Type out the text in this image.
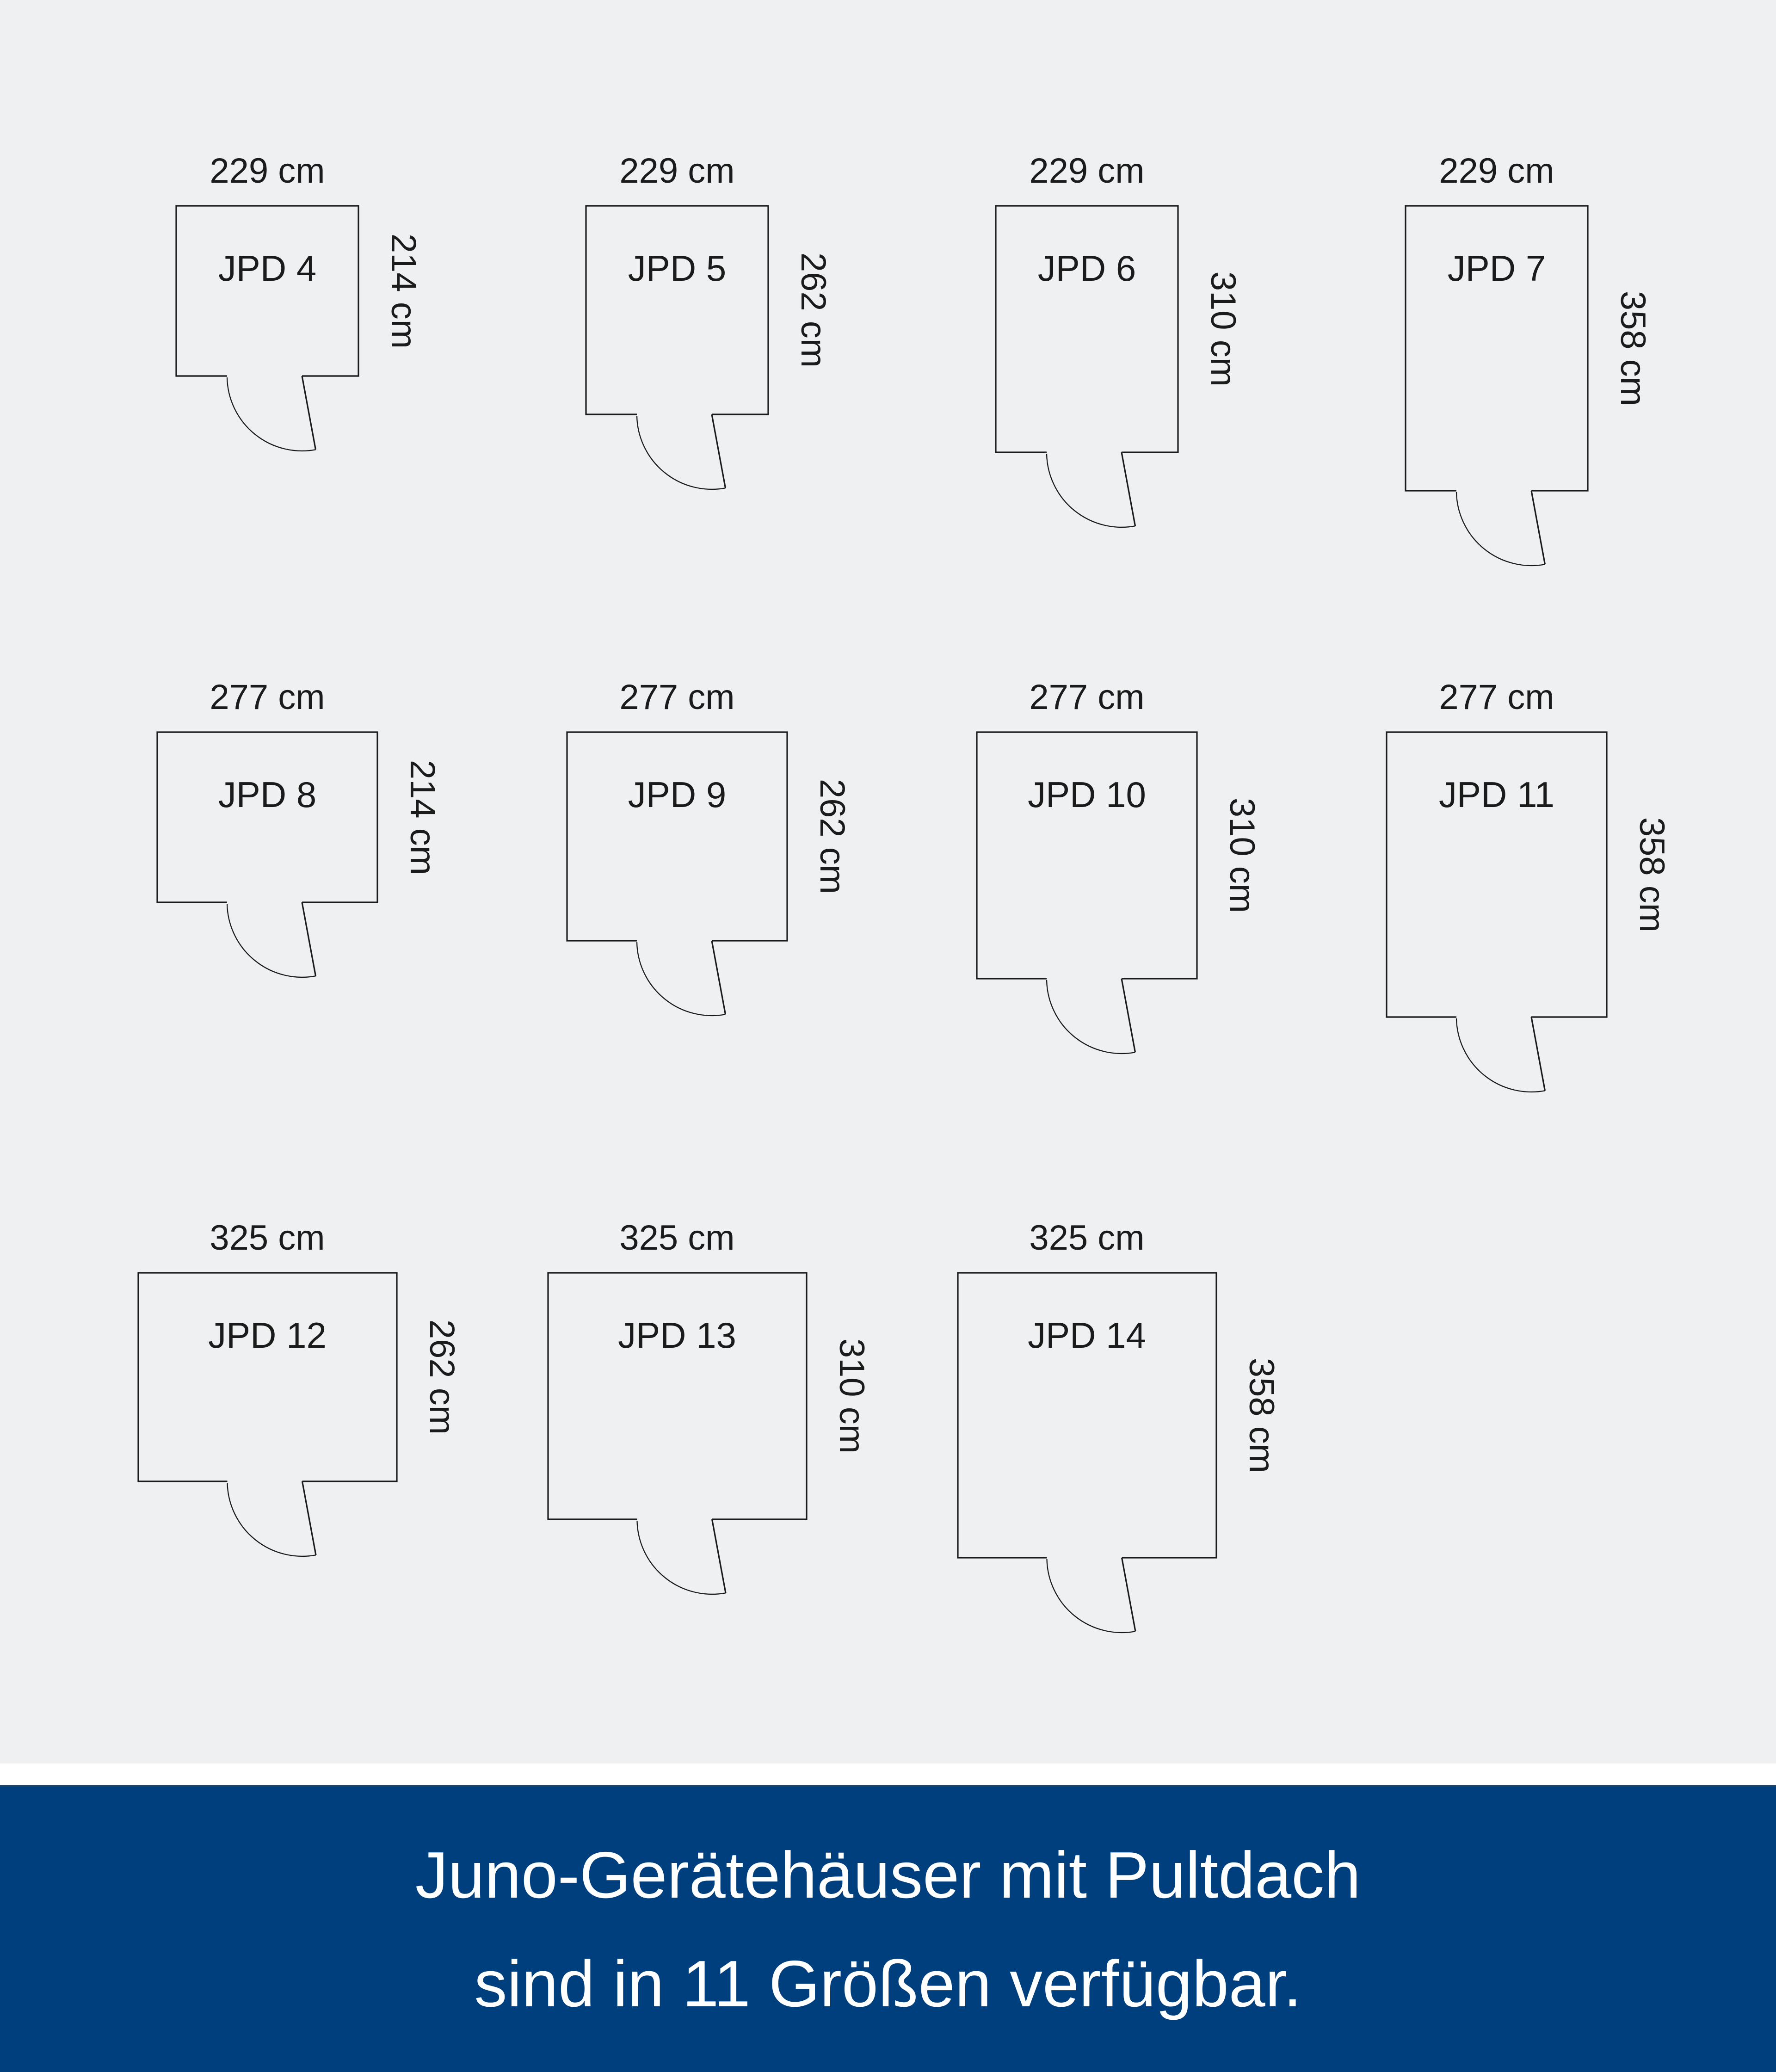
229 cm
JPD 4	214 cm
229 cm
JPD 5	262 cm
229 cm
JPD 6
310 cm
229 cm
JPD 7
358 cm
277 cm
JPD 8	214 cm
277 cm
JPD 9	262 cm
277 cm
JPD 10
310 cm
277 cm
JPD 11
358 cm
325 cm
JPD 12	262 cm
325 cm
JPD 13
310 cm
325 cm
JPD 14
358 cm
Juno-Gerätehäuser mit Pultdach
sind in 11 Größen verfügbar.
